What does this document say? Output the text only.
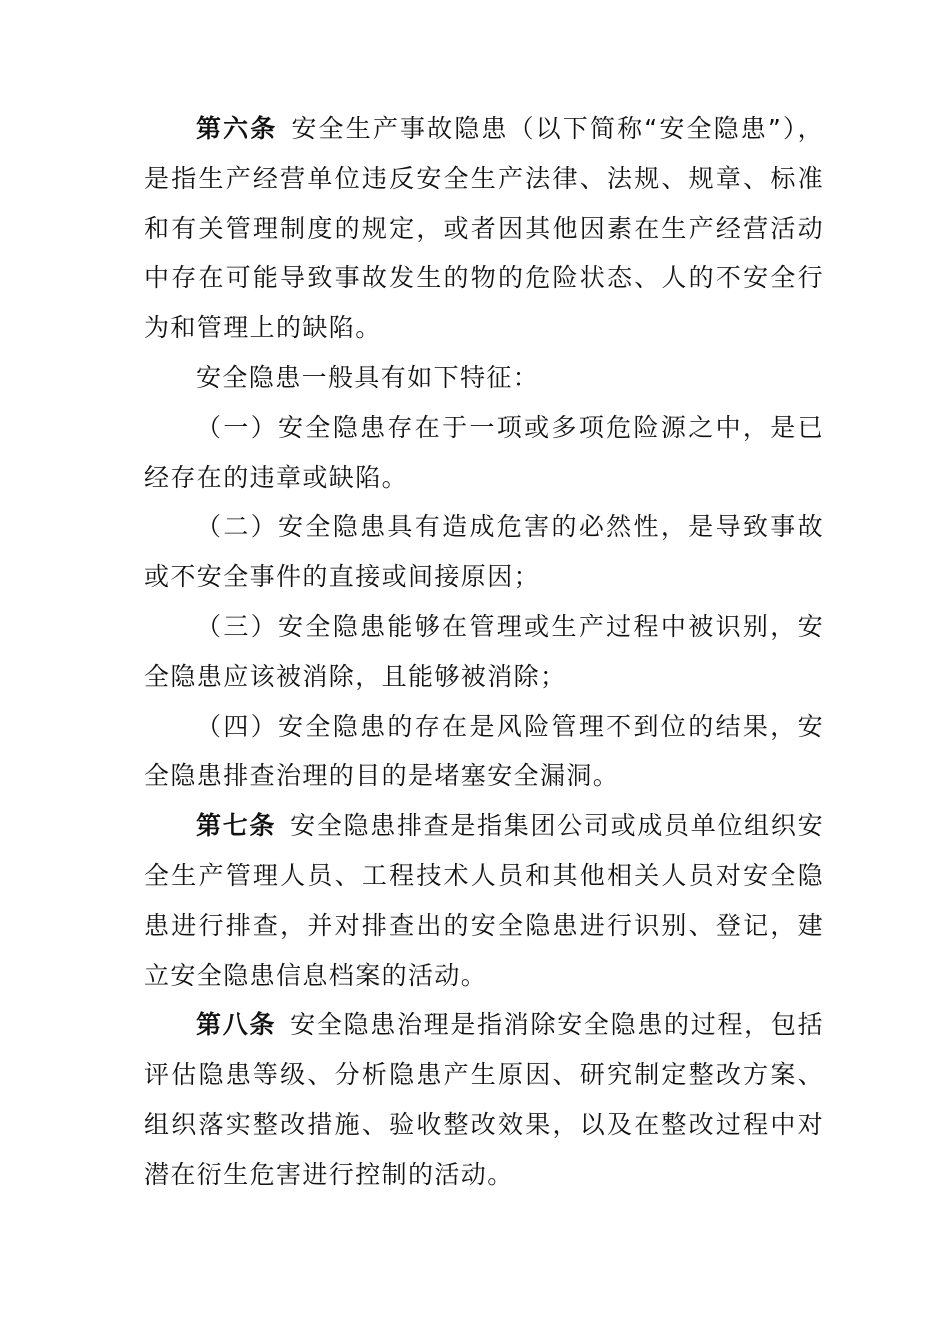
第六条 安全生产事故隐患（以下简称“安全隐患”），是指生产经营单位违反安全生产法律、法规、规章、标准和有关管理制度的规定，或者因其他因素在生产经营活动中存在可能导致事故发生的物的危险状态、人的不安全行为和管理上的缺陷。

安全隐患一般具有如下特征：

（一）安全隐患存在于一项或多项危险源之中，是已经存在的违章或缺陷。

（二）安全隐患具有造成危害的必然性，是导致事故或不安全事件的直接或间接原因；

（三）安全隐患能够在管理或生产过程中被识别，安全隐患应该被消除，且能够被消除；

（四）安全隐患的存在是风险管理不到位的结果，安全隐患排查治理的目的是堵塞安全漏洞。

第七条 安全隐患排查是指集团公司或成员单位组织安全生产管理人员、工程技术人员和其他相关人员对安全隐患进行排查，并对排查出的安全隐患进行识别、登记，建立安全隐患信息档案的活动。

第八条 安全隐患治理是指消除安全隐患的过程，包括评估隐患等级、分析隐患产生原因、研究制定整改方案、组织落实整改措施、验收整改效果，以及在整改过程中对潜在衍生危害进行控制的活动。
